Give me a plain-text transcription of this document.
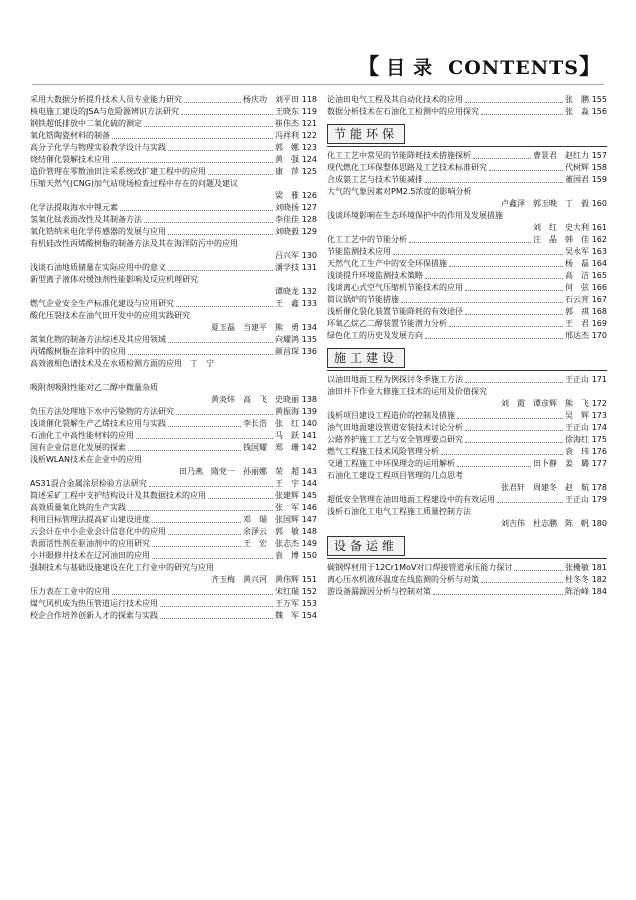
【 目录 CONTENTS】
采用大数据分析提升技术人员专业能力研究	杨庆功　刘平田 118
核电施工建设的JSA与危险源辨识方法研究	王晓东 119
钢铁超低排放中二氧化硫的测定	崔伟杰 121
氧化锆陶瓷材料的制备	冯祥利 122
高分子化学与物理实验教学设计与实践	郭　娜 123
烧结催化裂解技术应用	黄　强 124
造价管理在零散油田注采系统改扩建工程中的应用	康　萍 125
压缩天然气(CNG)加气站现场检查过程中存在的问题及建议
梁　雅 126
化学法提取海水中锂元素	刘晓扬 127
氢氧化钛表面改性及其制备方法	李佳佳 128
氧化锆纳米电化学传感器的发展与应用	刘晓毅 129
有机硅改性丙烯酸树脂的制备方法及其在海洋防污中的应用
吕兴军 130
浅谈石油地质储量在实际应用中的意义	潘学技 131
新型离子液体对缓蚀剂性能影响及反应机理研究
谭晓龙 132
燃气企业安全生产标准化建设与应用研究	王　鑫 133
酸化压裂技术在油气田开发中的应用实践研究
夏玉磊　当建平　熊　勇 134
氮氧化物的制备方法综述及其应用领域	向耀鸿 135
丙烯酸树脂在涂料中的应用	颜昌琛 136
高效液相色谱技术及在水质检测方面的应用　丁　宁
吸附剂吸附性能对乙二醇中微量杂质
黄炎炜　高　飞　史晓丽 138
负压方法处理地下水中污染物的方法研究	黄振海 139
浅谈催化裂解生产乙烯技术应用与实践	李长浩　张　红 140
石油化工中高性能材料的应用	马　跃 141
国有企业信息化发展的探索	钱国耀　郑　珊 142
浅析WLAN技术在企业中的应用
田乃燕　隋党一　孙丽娜　荣　超 143
AS31混合金属涂层检验方法研究	王　宇 144
简述采矿工程中支护结构设计及其数据技术的应用	张建辉 145
高效质量氧化铁的生产实践	张　军 146
利用目标管理法提高矿山建设进度	邓　瑞　张国辉 147
云会计在中小企业会计信息化中的应用	余泽云　郭　敏 148
表面活性剂在驱油剂中的应用研究	王　宏　张志杰 149
小井眼修井技术在辽河油田的应用	袁　博 150
强制技术与基础设施建设在化工行业中的研究与应用
齐玉梅　黄兴河　黄伟辉 151
压力表在工业中的应用	宋红瑞 152
煤气风机成为热压管道运行技术应用	王万军 153
校企合作培养创新人才的探索与实践	魏　军 154
论油田电气工程及其自动化技术的应用	张　鹏 155
数据分析技术在石油化工检测中的应用探究	张　淼 156
节能环保
化工工艺中常见的节能降耗技术措施探析	曹景君　赵红力 157
现代燃化工环保整体思路及工艺技术标准研究	代树辉 158
合成氨工艺与技术节能减排	董国君 159
大气的气象因素对PM2.5浓度的影响分析
卢鑫泽　郭玉晚　丁　毅 160
浅谈环境影响在生态环境保护中的作用及发展措施
刘　红　史大利 161
化工工艺中的节能分析	汪　晶　韩　佳 162
节能监测技术应用	吴永军 163
天然气化工生产中的安全环保措施	杨　磊 164
浅谈提升环境监测技术策略	高　洁 165
浅谈离心式空气压缩机节能技术的应用	何　弦 166
简议锅炉的节能措施	石云宵 167
浅析催化裂化装置节能降耗的有效途径	郭　祺 168
环氧乙烷乙二醇装置节能潜力分析	王　君 169
绿色化工的历史及发展方向	邢达杰 170
施工建设
以油田地面工程为例探讨冬季施工方法	王正山 171
油田井下作业大修施工技术的运用及价值探究
刘　霞　谭彦辉　熊　飞 172
浅析项目建设工程造价的控制及措施	吴　辉 173
油气田地面建设管道安装技术讨论分析	王正山 174
公路养护施工工艺与安全管理要点研究	徐海红 175
燃气工程施工技术风险管理分析	袁　玮 176
交通工程施工中环保理念的运用解析	田卜静　姜　璐 177
石油化工建设工程项目管理的几点思考
张君轩　周建冬　赵　航 178
超低安全管理在油田地面工程建设中的有效运用	王正山 179
浅析石油化工电气工程施工质量控制方法
刘吉伟　杜志鹏　陈　帆 180
设备运维
碳钢焊材用于12Cr1MoV对口焊接管道承压能力探讨	张栅敏 181
离心压水机液环温度在线监测的分析与对策	杜冬冬 182
游设备漏源因分析与控制对策	陈治峰 184
